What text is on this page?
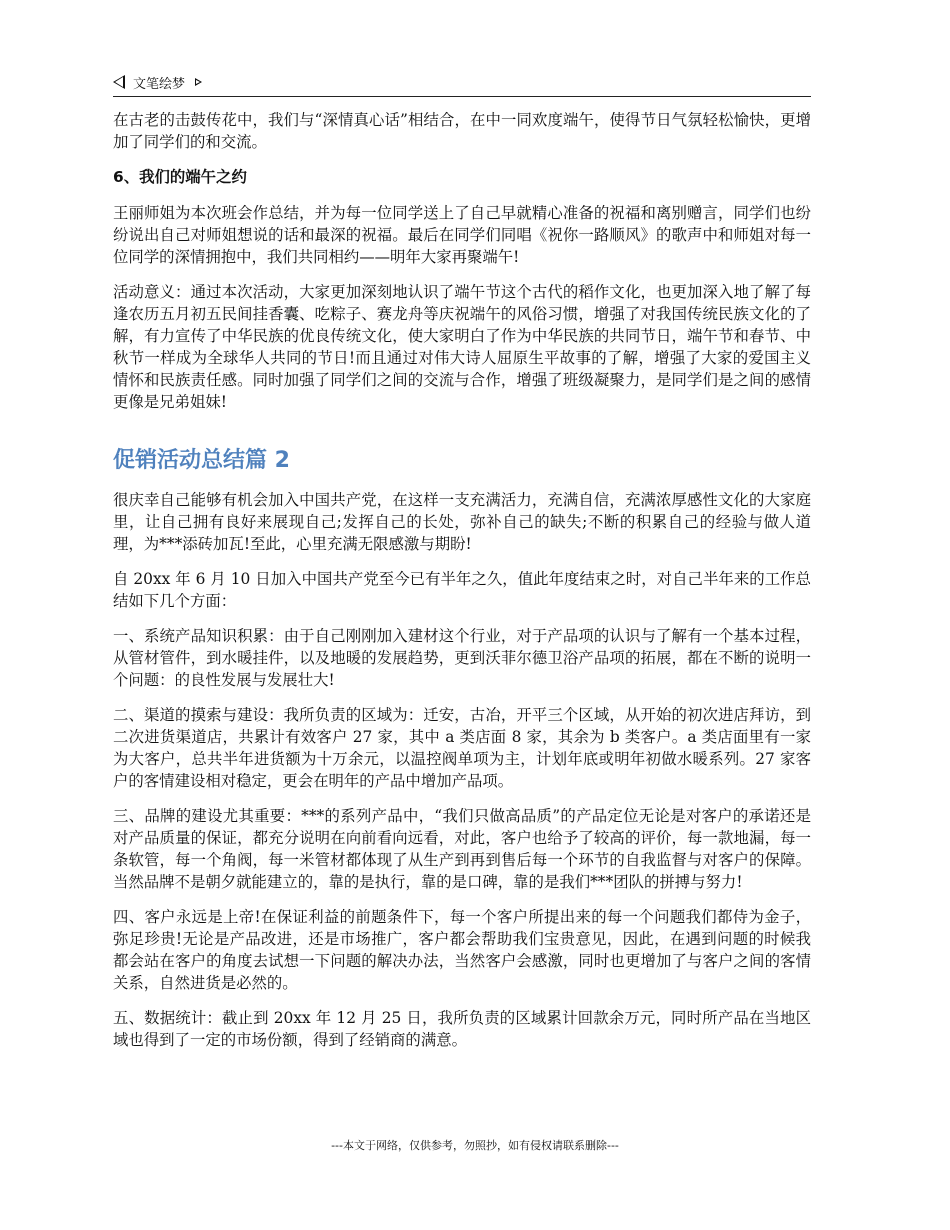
文笔绘梦

在古老的击鼓传花中，我们与“深情真心话”相结合，在中一同欢度端午，使得节日气氛轻松愉快，更增加了同学们的和交流。

6、我们的端午之约

王丽师姐为本次班会作总结，并为每一位同学送上了自己早就精心准备的祝福和离别赠言，同学们也纷纷说出自己对师姐想说的话和最深的祝福。最后在同学们同唱《祝你一路顺风》的歌声中和师姐对每一位同学的深情拥抱中，我们共同相约——明年大家再聚端午!

活动意义：通过本次活动，大家更加深刻地认识了端午节这个古代的稻作文化，也更加深入地了解了每逢农历五月初五民间挂香囊、吃粽子、赛龙舟等庆祝端午的风俗习惯，增强了对我国传统民族文化的了解，有力宣传了中华民族的优良传统文化，使大家明白了作为中华民族的共同节日，端午节和春节、中秋节一样成为全球华人共同的节日!而且通过对伟大诗人屈原生平故事的了解，增强了大家的爱国主义情怀和民族责任感。同时加强了同学们之间的交流与合作，增强了班级凝聚力，是同学们是之间的感情更像是兄弟姐妹!

促销活动总结篇 2

很庆幸自己能够有机会加入中国共产党，在这样一支充满活力，充满自信，充满浓厚感性文化的大家庭里，让自己拥有良好来展现自己;发挥自己的长处，弥补自己的缺失;不断的积累自己的经验与做人道理，为***添砖加瓦!至此，心里充满无限感激与期盼!

自 20xx 年 6 月 10 日加入中国共产党至今已有半年之久，值此年度结束之时，对自己半年来的工作总结如下几个方面：

一、系统产品知识积累：由于自己刚刚加入建材这个行业，对于产品项的认识与了解有一个基本过程，从管材管件，到水暖挂件，以及地暖的发展趋势，更到沃菲尔德卫浴产品项的拓展，都在不断的说明一个问题：的良性发展与发展壮大!

二、渠道的摸索与建设：我所负责的区域为：迁安，古冶，开平三个区域，从开始的初次进店拜访，到二次进货渠道店，共累计有效客户 27 家，其中 a 类店面 8 家，其余为 b 类客户。a 类店面里有一家为大客户，总共半年进货额为十万余元，以温控阀单项为主，计划年底或明年初做水暖系列。27 家客户的客情建设相对稳定，更会在明年的产品中增加产品项。

三、品牌的建设尤其重要：***的系列产品中，“我们只做高品质”的产品定位无论是对客户的承诺还是对产品质量的保证，都充分说明在向前看向远看，对此，客户也给予了较高的评价，每一款地漏，每一条软管，每一个角阀，每一米管材都体现了从生产到再到售后每一个环节的自我监督与对客户的保障。当然品牌不是朝夕就能建立的，靠的是执行，靠的是口碑，靠的是我们***团队的拼搏与努力!

四、客户永远是上帝!在保证利益的前题条件下，每一个客户所提出来的每一个问题我们都侍为金子，弥足珍贵!无论是产品改进，还是市场推广，客户都会帮助我们宝贵意见，因此，在遇到问题的时候我都会站在客户的角度去试想一下问题的解决办法，当然客户会感激，同时也更增加了与客户之间的客情关系，自然进货是必然的。

五、数据统计：截止到 20xx 年 12 月 25 日，我所负责的区域累计回款余万元，同时所产品在当地区域也得到了一定的市场份额，得到了经销商的满意。

---本文于网络，仅供参考，勿照抄，如有侵权请联系删除---
